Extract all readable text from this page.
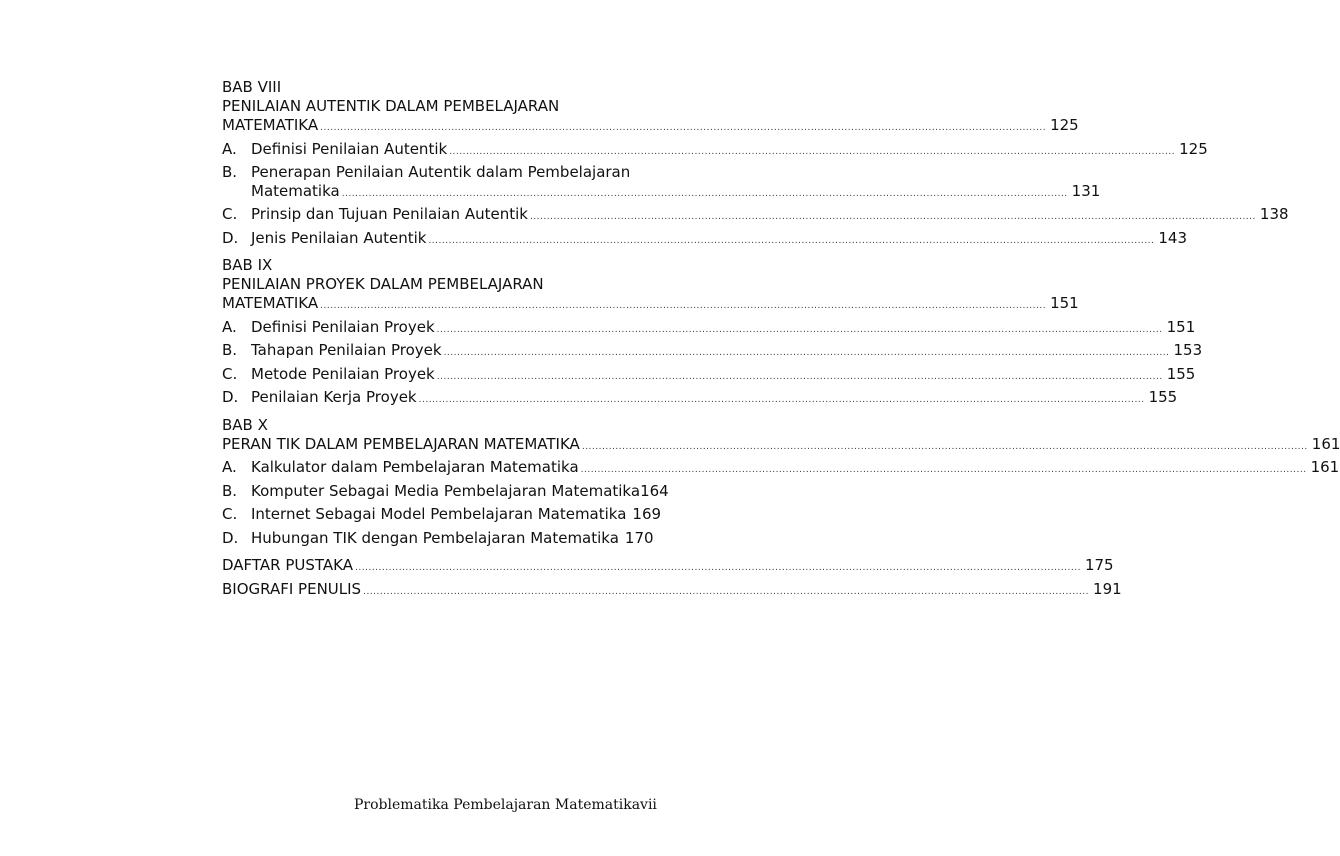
BAB VIII
PENILAIAN AUTENTIK DALAM PEMBELAJARAN
MATEMATIKA .....	125
A. Definisi Penilaian Autentik .....	125
B. Penerapan Penilaian Autentik dalam Pembelajaran
Matematika .....	131
C. Prinsip dan Tujuan Penilaian Autentik .....	138
D. Jenis Penilaian Autentik .....	143
BAB IX
PENILAIAN PROYEK DALAM PEMBELAJARAN
MATEMATIKA .....	151
A. Definisi Penilaian Proyek .....	151
B. Tahapan Penilaian Proyek .....	153
C. Metode Penilaian Proyek .....	155
D. Penilaian Kerja Proyek .....	155
BAB X
PERAN TIK DALAM PEMBELAJARAN MATEMATIKA .....	161
A. Kalkulator dalam Pembelajaran Matematika .....	161
B. Komputer Sebagai Media Pembelajaran Matematika 164
C. Internet Sebagai Model Pembelajaran Matematika 169
D. Hubungan TIK dengan Pembelajaran Matematika 170
DAFTAR PUSTAKA .....	175
BIOGRAFI PENULIS .....	191
Problematika Pembelajaran Matematika vii
